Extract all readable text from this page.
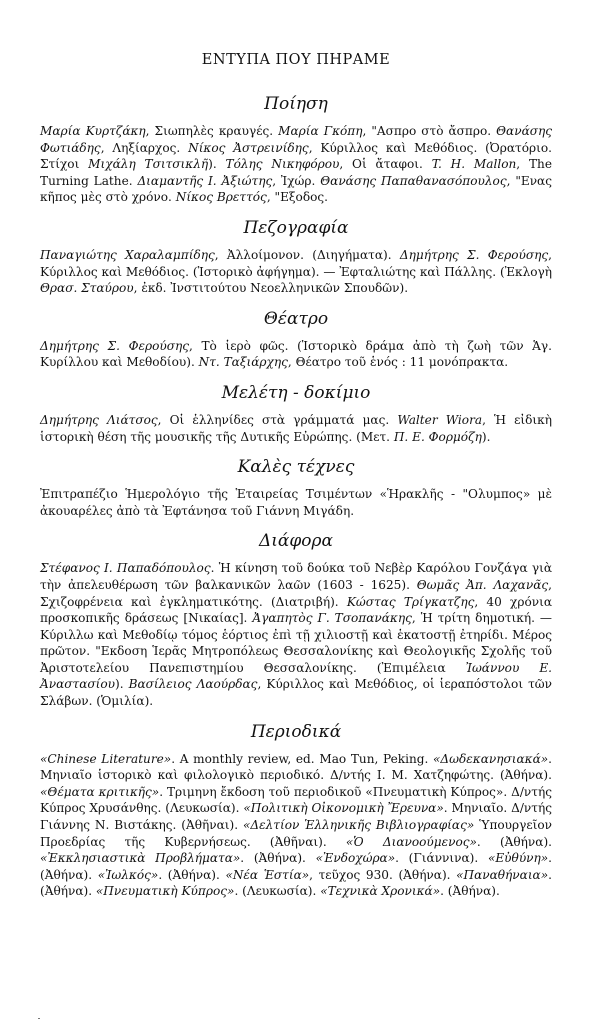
ΕΝΤΥΠΑ ΠΟΥ ΠΗΡΑΜΕ
Ποίηση
Μαρία Κυρτζάκη, Σιωπηλὲς κραυγές. Μαρία Γκόπη, "Ασπρο στὸ ἄσπρο. Θανάσης Φωτιάδης, Ληξίαρχος. Νίκος Ἀστρεινίδης, Κύριλλος καὶ Μεθόδιος. (Ὀρατόριο. Στίχοι Μιχάλη Τσιτσικλῆ). Τόλης Νικηφόρου, Οἱ ἄταφοι. T. H. Mallon, The Turning Lathe. Διαμαντῆς Ι. Ἀξιώτης, Ἰχώρ. Θανάσης Παπαθανασόπουλος, "Ενας κῆπος μὲς στὸ χρόνο. Νίκος Βρεττός, "Εξοδος.
Πεζογραφία
Παναγιώτης Χαραλαμπίδης, Ἀλλοίμονον. (Διηγήματα). Δημήτρης Σ. Φερούσης, Κύριλλος καὶ Μεθόδιος. (Ἱστορικὸ ἀφήγημα). — Ἐφταλιώτης καὶ Πάλλης. (Ἐκλογὴ Θρασ. Σταύρου, ἐκδ. Ἰνστιτούτου Νεοελληνικῶν Σπουδῶν).
Θέατρο
Δημήτρης Σ. Φερούσης, Τὸ ἱερὸ φῶς. (Ἱστορικὸ δράμα ἀπὸ τὴ ζωὴ τῶν Ἁγ. Κυρίλλου καὶ Μεθοδίου). Ντ. Ταξιάρχης, Θέατρο τοῦ ἑνός : 11 μονόπρακτα.
Μελέτη - δοκίμιο
Δημήτρης Λιάτσος, Οἱ ἑλληνίδες στὰ γράμματά μας. Walter Wiora, Ἡ εἰδικὴ ἱστορικὴ θέση τῆς μουσικῆς τῆς Δυτικῆς Εὐρώπης. (Μετ. Π. Ε. Φορμόζη).
Καλὲς τέχνες
Ἐπιτραπέζιο Ἡμερολόγιο τῆς Ἑταιρείας Τσιμέντων «Ἡρακλῆς - "Ολυμπος» μὲ ἀκουαρέλες ἀπὸ τὰ Ἐφτάνησα τοῦ Γιάννη Μιγάδη.
Διάφορα
Στέφανος Ι. Παπαδόπουλος. Ἡ κίνηση τοῦ δούκα τοῦ Νεβὲρ Καρόλου Γονζάγα γιὰ τὴν ἀπελευθέρωση τῶν βαλκανικῶν λαῶν (1603 - 1625). Θωμᾶς Ἀπ. Λαχανᾶς, Σχιζοφρένεια καὶ ἐγκληματικότης. (Διατριβή). Κώστας Τρίγκατζης, 40 χρόνια προσκοπικῆς δράσεως [Νικαίας]. Ἀγαπητὸς Γ. Τσοπανάκης, Ἡ τρίτη δημοτική. — Κύριλλω καὶ Μεθοδίῳ τόμος ἑόρτιος ἐπὶ τῇ χιλιοστῇ καὶ ἑκατοστῇ ἐτηρίδι. Μέρος πρῶτον. "Εκδοση Ἱερᾶς Μητροπόλεως Θεσσαλονίκης καὶ Θεολογικῆς Σχολῆς τοῦ Ἀριστοτελείου Πανεπιστημίου Θεσσαλονίκης. (Ἐπιμέλεια Ἰωάννου Ε. Ἀναστασίου). Βασίλειος Λαούρδας, Κύριλλος καὶ Μεθόδιος, οἱ ἱεραπόστολοι τῶν Σλάβων. (Ὁμιλία).
Περιοδικά
«Chinese Literature». A monthly review, ed. Mao Tun, Peking. «Δωδεκανησιακά». Μηνιαῖο ἱστορικὸ καὶ φιλολογικὸ περιοδικό. Δ/ντής Ι. Μ. Χατζηφώτης. (Ἀθήνα). «Θέματα κριτικῆς». Τριμηνη ἔκδοση τοῦ περιοδικοῦ «Πνευματικὴ Κύπρος». Δ/ντής Κύπρος Χρυσάνθης. (Λευκωσία). «Πολιτικὴ Οἰκονομικὴ Ἔρευνα». Μηνιαῖο. Δ/ντής Γιάννης Ν. Βιστάκης. (Ἀθῆναι). «Δελτίον Ἑλληνικῆς Βιβλιογραφίας» Ὑπουργεῖον Προεδρίας τῆς Κυβερνήσεως. (Ἀθῆναι). «Ὁ Διανοούμενος». (Ἀθήνα). «Ἐκκλησιαστικὰ Προβλήματα». (Ἀθήνα). «Ἐνδοχώρα». (Γιάννινα). «Εὐθύνη». (Ἀθήνα). «Ἰωλκός». (Ἀθήνα). «Νέα Ἑστία», τεῦχος 930. (Ἀθήνα). «Παναθήναια». (Ἀθήνα). «Πνευματικὴ Κύπρος». (Λευκωσία). «Τεχνικὰ Χρονικά». (Ἀθήνα).
